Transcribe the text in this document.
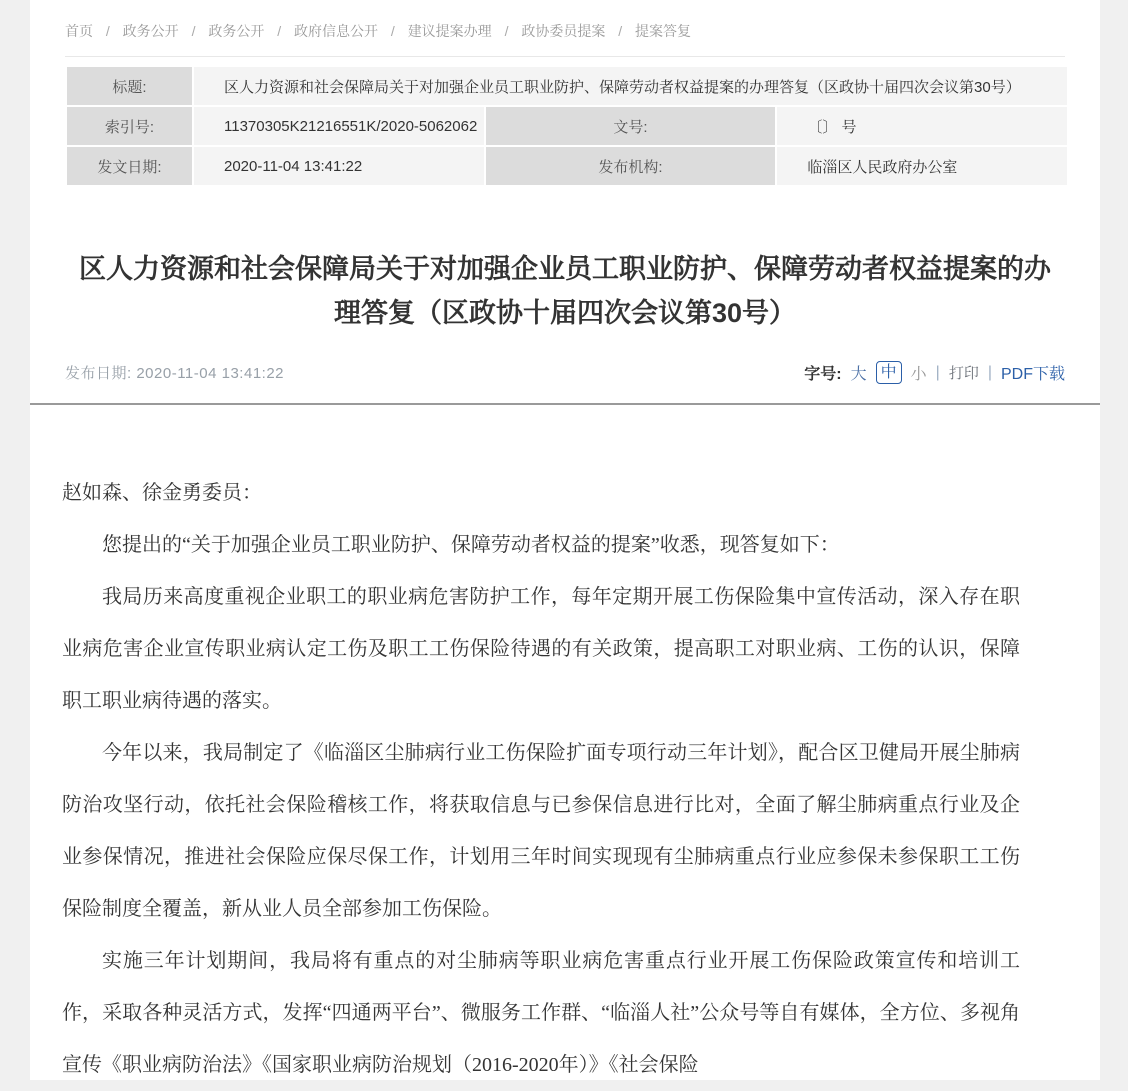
首页 / 政务公开 / 政务公开 / 政府信息公开 / 建议提案办理 / 政协委员提案 / 提案答复
标题:	区人力资源和社会保障局关于对加强企业员工职业防护、保障劳动者权益提案的办理答复（区政协十届四次会议第30号）		
索引号:	11370305K21216551K/2020-5062062	文号:	〔〕 号
发文日期:	2020-11-04 13:41:22	发布机构:	临淄区人民政府办公室
区人力资源和社会保障局关于对加强企业员工职业防护、保障劳动者权益提案的办理答复（区政协十届四次会议第30号）
发布日期: 2020-11-04 13:41:22	字号: 大 中 小 | 打印 | PDF下载

赵如森、徐金勇委员：

您提出的“关于加强企业员工职业防护、保障劳动者权益的提案”收悉，现答复如下：

我局历来高度重视企业职工的职业病危害防护工作，每年定期开展工伤保险集中宣传活动，深入存在职业病危害企业宣传职业病认定工伤及职工工伤保险待遇的有关政策，提高职工对职业病、工伤的认识，保障职工职业病待遇的落实。

今年以来，我局制定了《临淄区尘肺病行业工伤保险扩面专项行动三年计划》，配合区卫健局开展尘肺病防治攻坚行动，依托社会保险稽核工作，将获取信息与已参保信息进行比对，全面了解尘肺病重点行业及企业参保情况，推进社会保险应保尽保工作，计划用三年时间实现现有尘肺病重点行业应参保未参保职工工伤保险制度全覆盖，新从业人员全部参加工伤保险。

实施三年计划期间，我局将有重点的对尘肺病等职业病危害重点行业开展工伤保险政策宣传和培训工作，采取各种灵活方式，发挥“四通两平台”、微服务工作群、“临淄人社”公众号等自有媒体，全方位、多视角宣传《职业病防治法》《国家职业病防治规划（2016-2020年）》《社会保险
